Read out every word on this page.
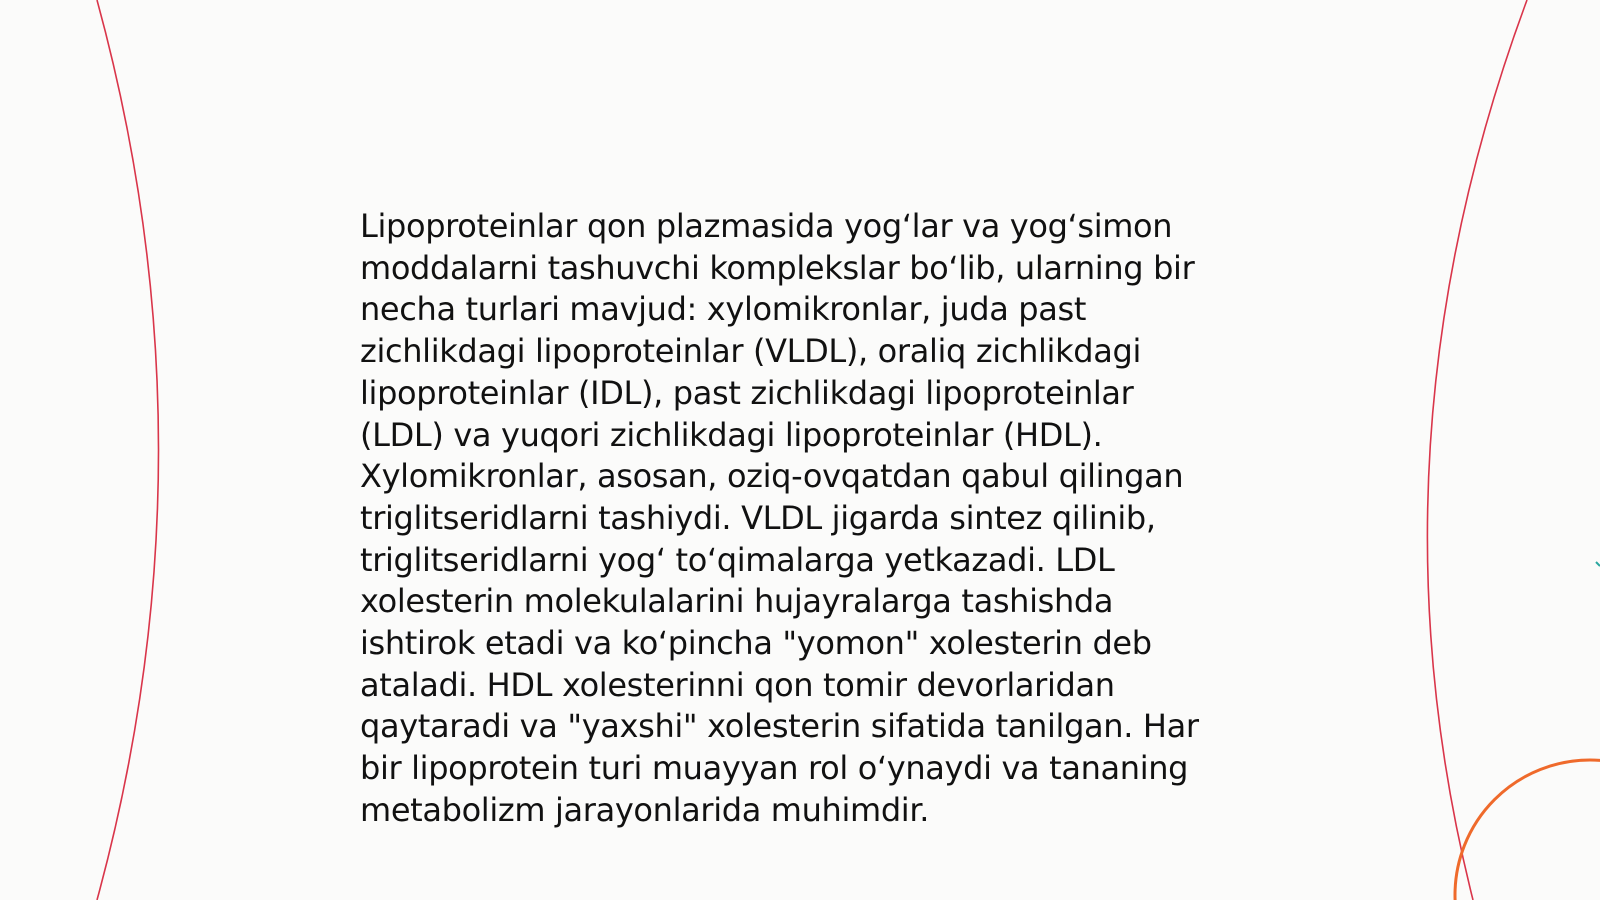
Lipoproteinlar qon plazmasida yog‘lar va yog‘simon
moddalarni tashuvchi komplekslar bo‘lib, ularning bir
necha turlari mavjud: xylomikronlar, juda past
zichlikdagi lipoproteinlar (VLDL), oraliq zichlikdagi
lipoproteinlar (IDL), past zichlikdagi lipoproteinlar
(LDL) va yuqori zichlikdagi lipoproteinlar (HDL).
Xylomikronlar, asosan, oziq-ovqatdan qabul qilingan
triglitseridlarni tashiydi. VLDL jigarda sintez qilinib,
triglitseridlarni yog‘ to‘qimalarga yetkazadi. LDL
xolesterin molekulalarini hujayralarga tashishda
ishtirok etadi va ko‘pincha "yomon" xolesterin deb
ataladi. HDL xolesterinni qon tomir devorlaridan
qaytaradi va "yaxshi" xolesterin sifatida tanilgan. Har
bir lipoprotein turi muayyan rol o‘ynaydi va tananing
metabolizm jarayonlarida muhimdir.
